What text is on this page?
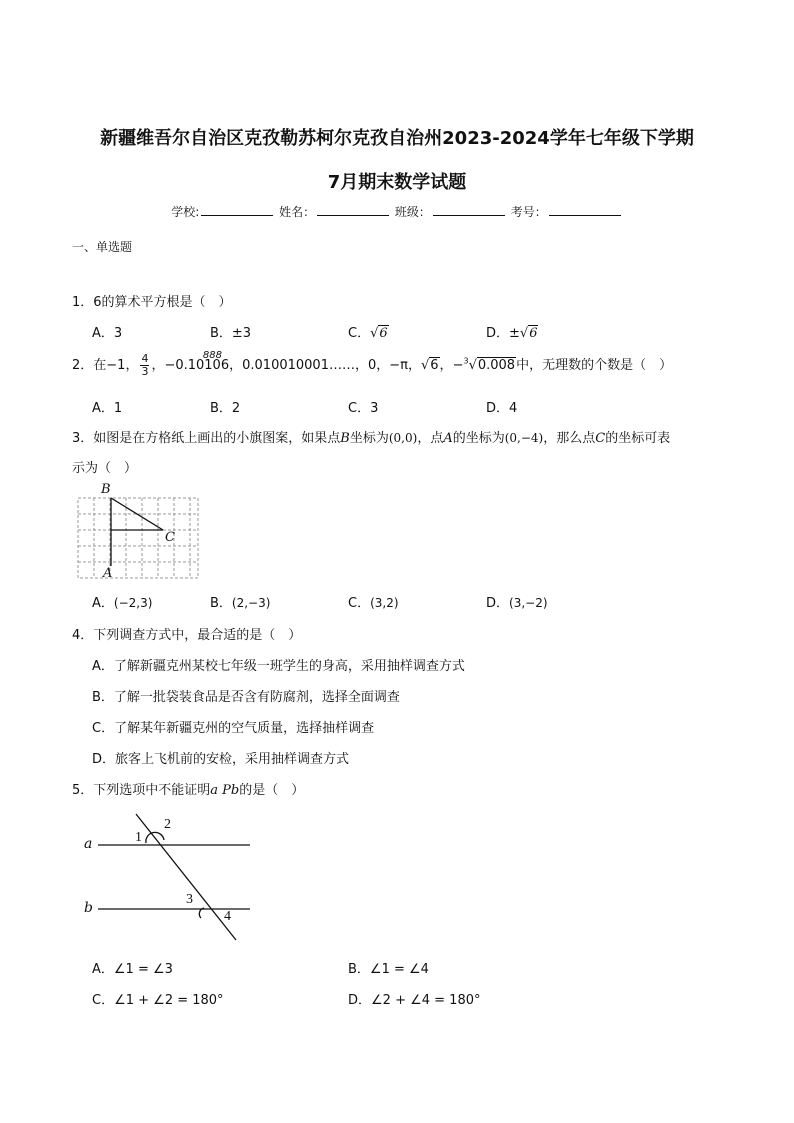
新疆维吾尔自治区克孜勒苏柯尔克孜自治州2023-2024学年七年级下学期
7月期末数学试题
学校:	姓名：	班级：	考号：
一、单选题
1．6的算术平方根是（　）
A．3	B．±3	C．√6	D．±√6
2．在−1， $\frac{4}{3}$ ，−0.1010
888
6，0.010010001……，0，−π，√6，−$^3$√0.008中，无理数的个数是（　）
A．1	B．2	C．3	D．4
3．如图是在方格纸上画出的小旗图案，如果点B坐标为(0,0)，点A的坐标为(0,−4)，那么点C的坐标可表
示为（　）
B
C
A
A．(−2,3)	B．(2,−3)	C．(3,2)	D．(3,−2)
4．下列调查方式中，最合适的是（　）
A．了解新疆克州某校七年级一班学生的身高，采用抽样调查方式
B．了解一批袋装食品是否含有防腐剂，选择全面调查
C．了解某年新疆克州的空气质量，选择抽样调查
D．旅客上飞机前的安检，采用抽样调查方式
5．下列选项中不能证明a Pb的是（　）
a
b
1
2
3
4
A．∠1 = ∠3	B．∠1 = ∠4
C．∠1 + ∠2 = 180°	D．∠2 + ∠4 = 180°
